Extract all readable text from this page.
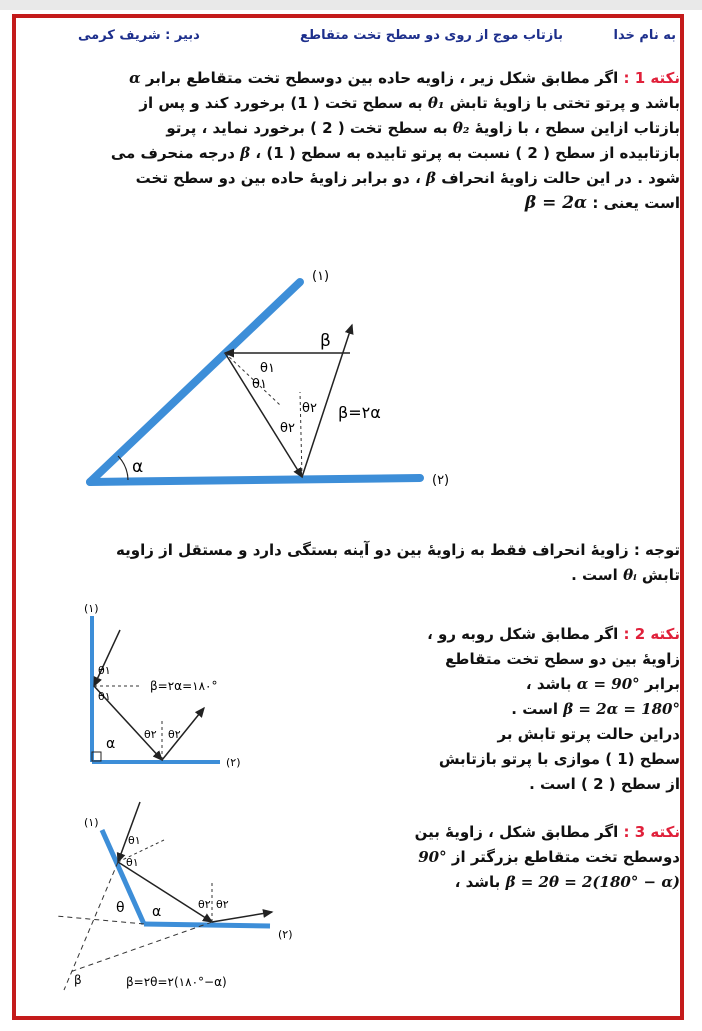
به نام خدا
بازتاب موج از روی دو سطح تخت متقاطع
دبیر : شریف کرمی
نکته 1 : اگر مطابق شکل زیر ، زاویه حاده بین دوسطح تخت متقاطع برابر α
باشد و پرتو تختی با زاویهٔ تابش θ₁ به سطح تخت ( 1) برخورد کند و پس از
بازتاب ازاین سطح ، با زاویهٔ θ₂ به سطح تخت ( 2 ) برخورد نماید ، پرتو
بازتابیده از سطح ( 2 ) نسبت به پرتو تابیده به سطح ( 1) ، β درجه منحرف می
شود . در این حالت زاویهٔ انحراف β ، دو برابر زاویهٔ حاده بین دو سطح تخت
است یعنی : β = 2α
α
(۱)
(۲)
β
θ۱
θ۱
θ۲
θ۲
β=۲α
توجه : زاویهٔ انحراف فقط به زاویهٔ بین دو آینه بستگی دارد و مستقل از زاویه
تابش θᵢ است .
نکته 2 : اگر مطابق شکل روبه رو ،
زاویهٔ بین دو سطح تخت متقاطع
برابر α = 90° باشد ،
β = 2α = 180° است .
دراین حالت پرتو تابش بر
سطح (1 ) موازی با پرتو بازتابش
از سطح ( 2 ) است .
(۱)
(۲)
α
θ۱
θ۱
θ۲ θ۲
β=۲α=۱۸۰°
نکته 3 : اگر مطابق شکل ، زاویهٔ بین
دوسطح تخت متقاطع بزرگتر از 90°
β = 2θ = 2(180° − α) باشد ،
(۱)
(۲)
θ α
θ۱
θ۱
θ۲ θ۲
β	β=۲θ=۲(۱۸۰°−α)
